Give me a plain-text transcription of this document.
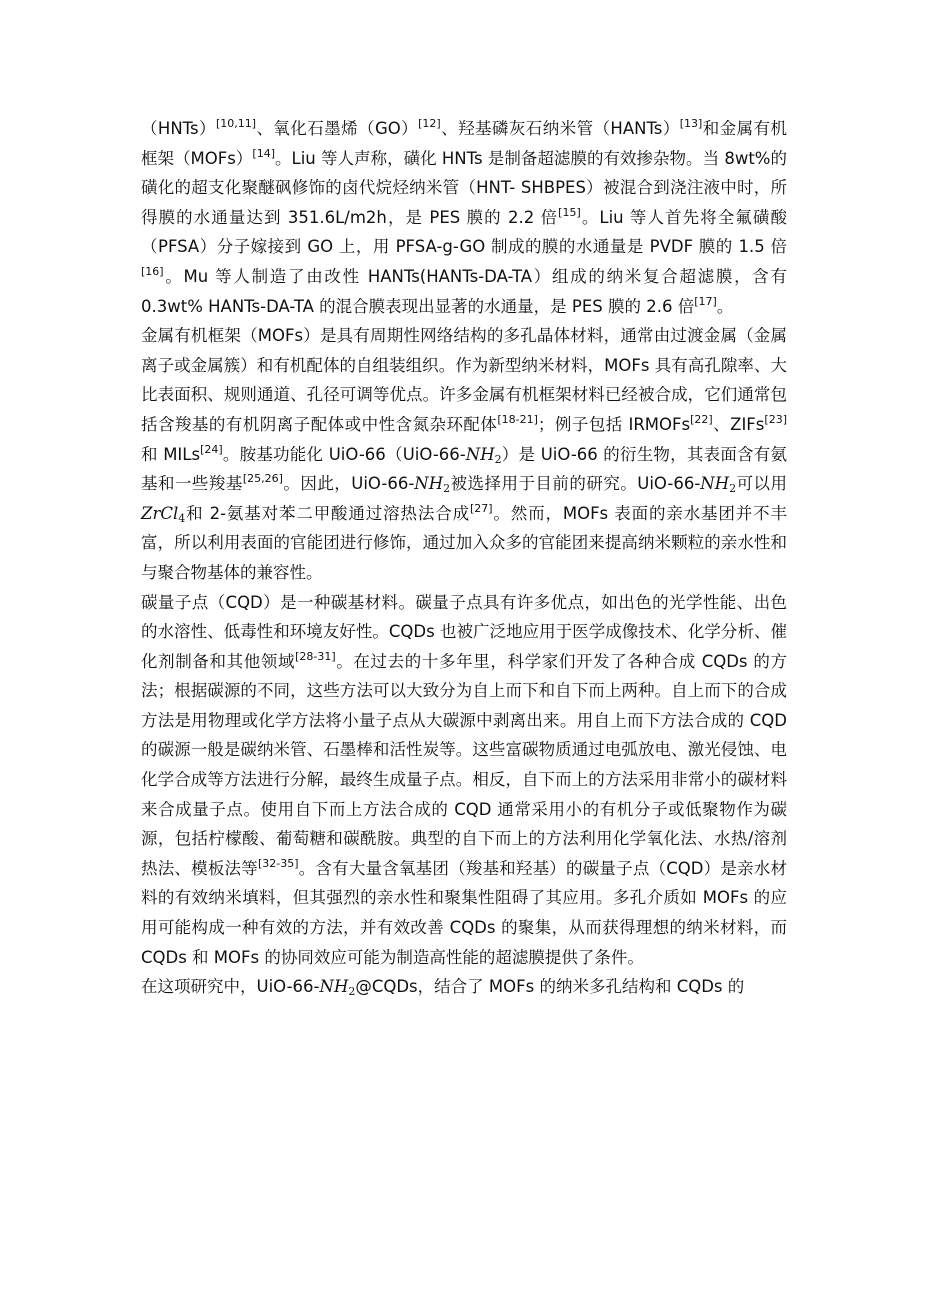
（HNTs）[10,11]、氧化石墨烯（GO）[12]、羟基磷灰石纳米管（HANTs）[13]和金属有机框架（MOFs）[14]。Liu 等人声称，磺化 HNTs 是制备超滤膜的有效掺杂物。当 8wt%的磺化的超支化聚醚砜修饰的卤代烷烃纳米管（HNT- SHBPES）被混合到浇注液中时，所得膜的水通量达到 351.6L/m2h，是 PES 膜的 2.2 倍[15]。Liu 等人首先将全氟磺酸（PFSA）分子嫁接到 GO 上，用 PFSA-g-GO 制成的膜的水通量是 PVDF 膜的 1.5 倍[16]。Mu 等人制造了由改性 HANTs(HANTs-DA-TA）组成的纳米复合超滤膜，含有 0.3wt% HANTs-DA-TA 的混合膜表现出显著的水通量，是 PES 膜的 2.6 倍[17]。

金属有机框架（MOFs）是具有周期性网络结构的多孔晶体材料，通常由过渡金属（金属离子或金属簇）和有机配体的自组装组织。作为新型纳米材料，MOFs 具有高孔隙率、大比表面积、规则通道、孔径可调等优点。许多金属有机框架材料已经被合成，它们通常包括含羧基的有机阴离子配体或中性含氮杂环配体[18-21]；例子包括 IRMOFs[22]、ZIFs[23]和 MILs[24]。胺基功能化 UiO-$66(UiO-66-NH_2)$是 UiO-66 的衍生物，其表面含有氨基和一些羧基[25,26]。因此，UiO-$66-NH_2$被选择用于目前的研究。UiO-$66-NH_2$可以用 ZrCl$_4$和 2-氨基对苯二甲酸通过溶热法合成[27]。然而，MOFs 表面的亲水基团并不丰富，所以利用表面的官能团进行修饰，通过加入众多的官能团来提高纳米颗粒的亲水性和与聚合物基体的兼容性。

碳量子点（CQD）是一种碳基材料。碳量子点具有许多优点，如出色的光学性能、出色的水溶性、低毒性和环境友好性。CQDs 也被广泛地应用于医学成像技术、化学分析、催化剂制备和其他领域[28-31]。在过去的十多年里，科学家们开发了各种合成 CQDs 的方法；根据碳源的不同，这些方法可以大致分为自上而下和自下而上两种。自上而下的合成方法是用物理或化学方法将小量子点从大碳源中剥离出来。用自上而下方法合成的 CQD 的碳源一般是碳纳米管、石墨棒和活性炭等。这些富碳物质通过电弧放电、激光侵蚀、电化学合成等方法进行分解，最终生成量子点。相反，自下而上的方法采用非常小的碳材料来合成量子点。使用自下而上方法合成的 CQD 通常采用小的有机分子或低聚物作为碳源，包括柠檬酸、葡萄糖和碳酰胺。典型的自下而上的方法利用化学氧化法、水热/溶剂热法、模板法等[32-35]。含有大量含氧基团（羧基和羟基）的碳量子点（CQD）是亲水材料的有效纳米填料，但其强烈的亲水性和聚集性阻碍了其应用。多孔介质如 MOFs 的应用可能构成一种有效的方法，并有效改善 CQDs 的聚集，从而获得理想的纳米材料，而 CQDs 和 MOFs 的协同效应可能为制造高性能的超滤膜提供了条件。

在这项研究中，UiO-$66-NH_2@CQDs$，结合了 MOFs 的纳米多孔结构和 CQDs 的
